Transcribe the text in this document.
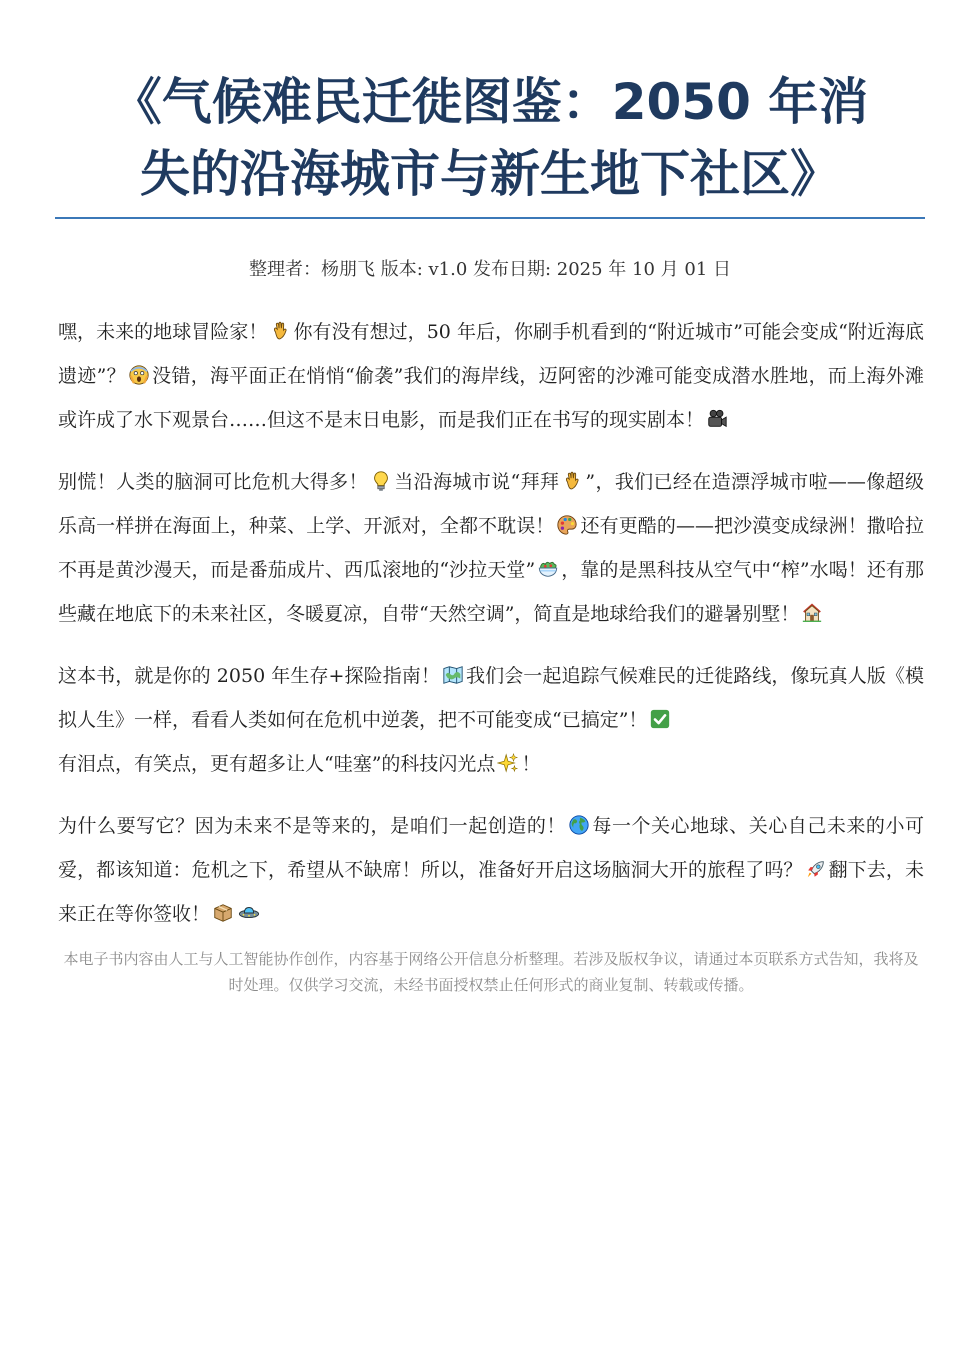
《气候难民迁徙图鉴：2050 年消
失的沿海城市与新生地下社区》
整理者：杨朋飞 版本: v1.0 发布日期: 2025 年 10 月 01 日

嘿，未来的地球冒险家！ 你有没有想过，50 年后，你刷手机看到的“附近城市”可能会变成“附近海底遗迹”？ 没错，海平面正在悄悄“偷袭”我们的海岸线，迈阿密的沙滩可能变成潜水胜地，而上海外滩或许成了水下观景台……但这不是末日电影，而是我们正在书写的现实剧本！

别慌！人类的脑洞可比危机大得多！ 当沿海城市说“拜拜 ”，我们已经在造漂浮城市啦——像超级乐高一样拼在海面上，种菜、上学、开派对，全都不耽误！ 还有更酷的——把沙漠变成绿洲！撒哈拉不再是黄沙漫天，而是番茄成片、西瓜滚地的“沙拉天堂” ，靠的是黑科技从空气中“榨”水喝！还有那些藏在地底下的未来社区，冬暖夏凉，自带“天然空调”，简直是地球给我们的避暑别墅！

这本书，就是你的 2050 年生存+探险指南！ 我们会一起追踪气候难民的迁徙路线，像玩真人版《模拟人生》一样，看看人类如何在危机中逆袭，把不可能变成“已搞定”！
有泪点，有笑点，更有超多让人“哇塞”的科技闪光点 ！

为什么要写它？因为未来不是等来的，是咱们一起创造的！ 每一个关心地球、关心自己未来的小可爱，都该知道：危机之下，希望从不缺席！所以，准备好开启这场脑洞大开的旅程了吗？ 翻下去，未来正在等你签收！

本电子书内容由人工与人工智能协作创作，内容基于网络公开信息分析整理。若涉及版权争议，请通过本页联系方式告知，我将及时处理。仅供学习交流，未经书面授权禁止任何形式的商业复制、转载或传播。
